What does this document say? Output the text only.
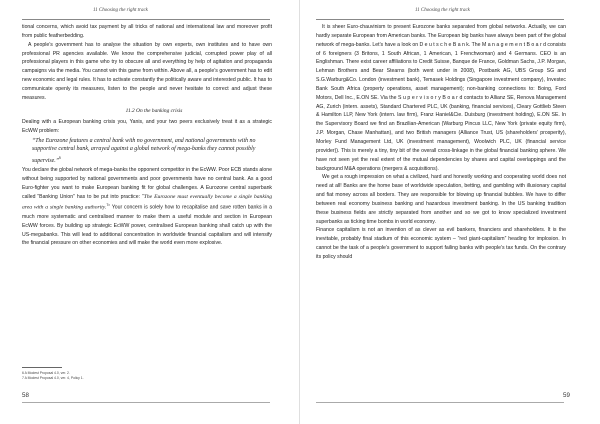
11 Choosing the right track

tional concerns, which avoid tax payment by all tricks of national and international law and moreover profit from public featherbedding.

A people’s government has to analyse the situation by own experts, own institutes and to have own professional PR agencies available. We know the comprehensive judicial, corrupted power play of all professional players in this game who try to obscure all and everything by help of agitation and propaganda campaigns via the media. You cannot win this game from within. Above all, a people’s government has to edit new economic and legal rules. It has to activate constantly the politically aware and interested public. It has to communicate openly its measures, listen to the people and never hesitate to correct and adjust these measures.

11.2 On the banking crisis

Dealing with a European banking crisis you, Yanis, and your two peers exclusively treat it as a strategic EcWW problem:

“The Eurozone features a central bank with no government, and national governments with no supportive central bank, arrayed against a global network of mega-banks they cannot possibly supervise.”$^6$

You declare the global network of mega-banks the opponent competitor in the EcWW. Poor ECB stands alone without being supported by national governments and poor governments have no central bank. As a good Euro-fighter you want to make European banking fit for global challenges. A Eurozone central superbank called “Banking Union” has to be put into practice: “The Eurozone must eventually become a single banking area with a single banking authority.$^7$” Your concern is solely how to recapitalise and save rotten banks in a much more systematic and centralised manner to make them a useful module and section in European EcWW forces. By building up strategic EcWW power, centralised European banking shall catch up with the US-megabanks. This will lead to additional concentration in worldwide financial capitalism and will intensify the financial pressure on other economies and will make the world even more explosive.

6 A Modest Proposal 4.0, ver. 2.
7 A Modest Proposal 4.0, ver. 4, Policy 1.
58
11 Choosing the right track

It is sheer Euro-chauvinism to present Eurozone banks separated from global networks. Actually, we can hardly separate European from American banks. The European big banks have always been part of the global network of mega-banks. Let’s have a look on D e u t s c h e B a n k. The M a n a g e m e n t B o a r d consists of 6 foreigners (3 Britons, 1 South African, 1 American, 1 Frenchwoman) and 4 Germans. CEO is an Englishman. There exist career affiliations to Credit Suisse, Banque de France, Goldman Sachs, J.P. Morgan, Lehman Brothers and Bear Stearns (both went under in 2008), Postbank AG, UBS Group SG and S.G.Warburg&Co. London (investment bank), Temasek Holdings (Singapore investment company), Investec Bank South Africa (property operations, asset management); non-banking connections to: Boing, Ford Motors, Dell Inc., E.ON SE. Via the S u p e r v i s o r y B o a r d contacts to Allianz SE, Renova Management AG, Zurich (intern. assets), Standard Chartered PLC, UK (banking, financial services), Cleary Gottlieb Steen & Hamilton LLP, New York (intern. law firm), Franz Haniel&Cie. Duisburg (investment holding), E.ON SE. In the Supervisory Board we find an Brazilian-American (Warburg Pincus LLC, New York (private equity firm), J.P. Morgan, Chase Manhattan), and two British managers (Alliance Trust, US (shareholders’ prosperity), Morley Fund Management Ltd, UK (investment management), Woolwich PLC, UK (financial service provider)). This is merely a tiny, tiny bit of the overall cross-linkage in the global financial banking sphere. We have not seen yet the real extent of the mutual dependencies by shares and capital overlappings and the background M&A operations (mergers & acquisitions).

We get a rough impression on what a civilized, hard and honestly working and cooperating world does not need at all! Banks are the home base of worldwide speculation, betting, and gambling with illusionary capital and fiat money across all borders. They are responsible for blowing up financial bubbles. We have to differ between real economy business banking and hazardous investment banking. In the US banking tradition these business fields are strictly separated from another and so we got to know specialized investment superbanks as ticking time bombs in world economy.

Finance capitalism is not an invention of as clever as evil bankers, financiers and shareholders. It is the inevitable, probably final stadium of this economic system – “red giant-capitalism” heading for implosion. In cannot be the task of a people’s government to support failing banks with people’s tax funds. On the contrary its policy should

59
